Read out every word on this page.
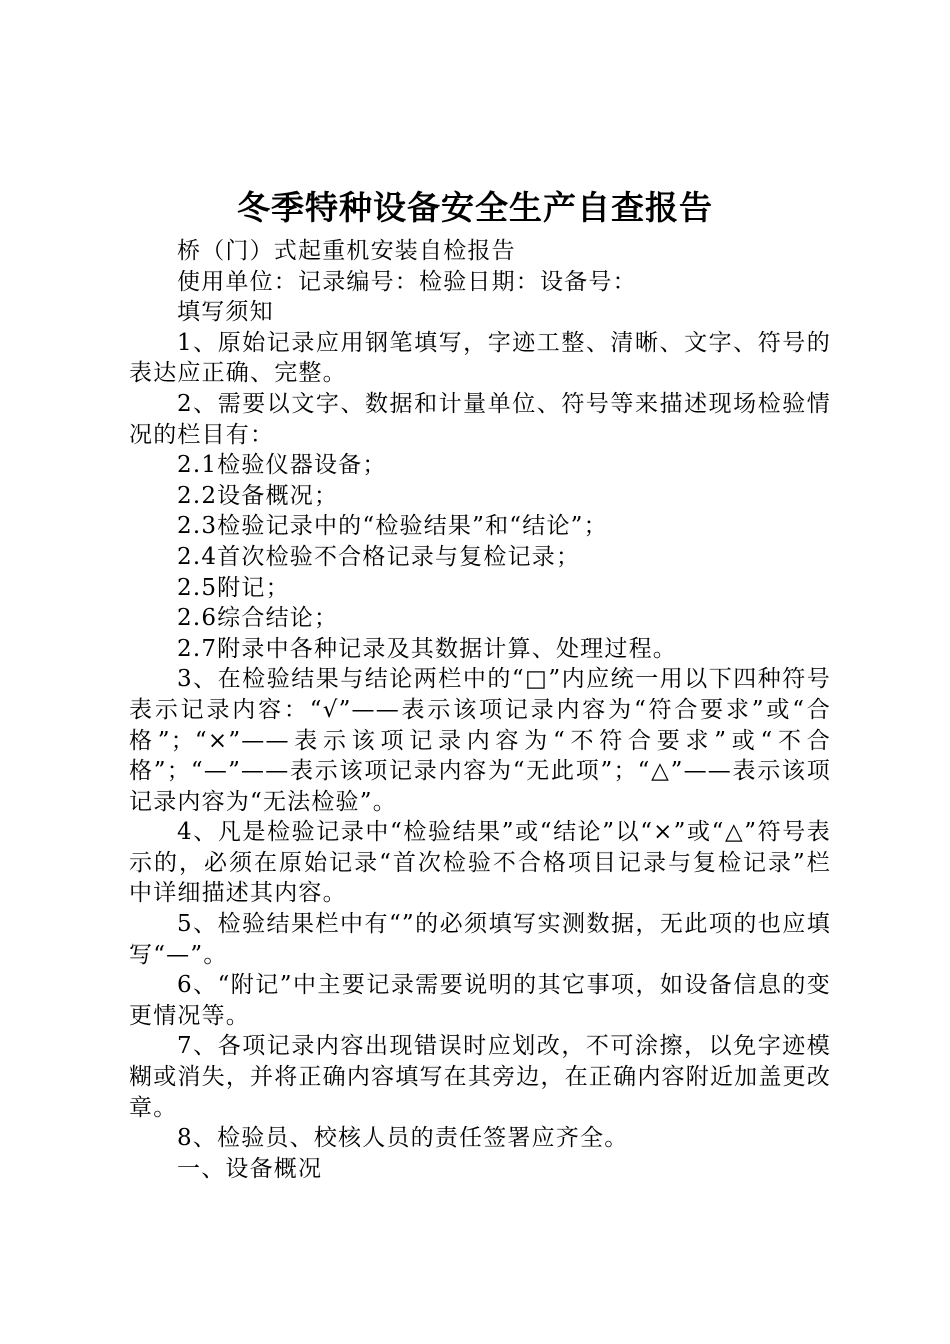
冬季特种设备安全生产自查报告

桥（门）式起重机安装自检报告

使用单位：记录编号：检验日期：设备号：

填写须知

1、原始记录应用钢笔填写，字迹工整、清晰、文字、符号的表达应正确、完整。

2、需要以文字、数据和计量单位、符号等来描述现场检验情况的栏目有：

2.1检验仪器设备；

2.2设备概况；

2.3检验记录中的“检验结果”和“结论”；

2.4首次检验不合格记录与复检记录；

2.5附记；

2.6综合结论；

2.7附录中各种记录及其数据计算、处理过程。

3、在检验结果与结论两栏中的“□”内应统一用以下四种符号表示记录内容：“√”——表示该项记录内容为“符合要求”或“合格”；“×”——表示该项记录内容为“不符合要求”或“不合格”；“—”——表示该项记录内容为“无此项”；“△”——表示该项记录内容为“无法检验”。

4、凡是检验记录中“检验结果”或“结论”以“×”或“△”符号表示的，必须在原始记录“首次检验不合格项目记录与复检记录”栏中详细描述其内容。

5、检验结果栏中有“”的必须填写实测数据，无此项的也应填写“—”。

6、“附记”中主要记录需要说明的其它事项，如设备信息的变更情况等。

7、各项记录内容出现错误时应划改，不可涂擦，以免字迹模糊或消失，并将正确内容填写在其旁边，在正确内容附近加盖更改章。

8、检验员、校核人员的责任签署应齐全。

一、设备概况
